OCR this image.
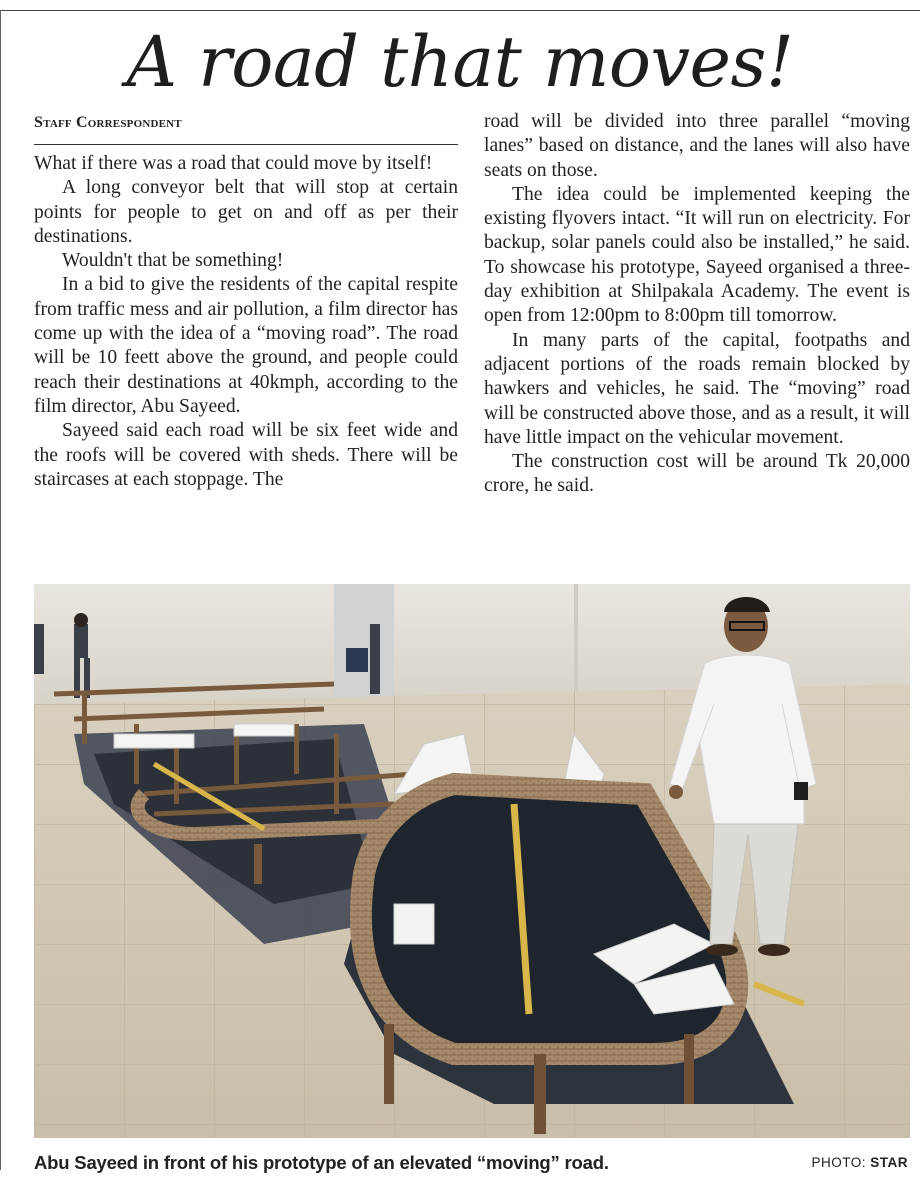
A road that moves!
Staff Correspondent

What if there was a road that could move by itself!

A long conveyor belt that will stop at certain points for people to get on and off as per their destinations.

Wouldn't that be something!

In a bid to give the residents of the capital respite from traffic mess and air pollution, a film director has come up with the idea of a “moving road”. The road will be 10 feett above the ground, and people could reach their destinations at 40kmph, according to the film director, Abu Sayeed.

Sayeed said each road will be six feet wide and the roofs will be covered with sheds. There will be staircases at each stoppage. The

road will be divided into three parallel “moving lanes” based on distance, and the lanes will also have seats on those.

The idea could be implemented keeping the existing flyovers intact. “It will run on electricity. For backup, solar panels could also be installed,” he said. To showcase his prototype, Sayeed organised a three-day exhibition at Shilpakala Academy. The event is open from 12:00pm to 8:00pm till tomorrow.

In many parts of the capital, footpaths and adjacent portions of the roads remain blocked by hawkers and vehicles, he said. The “moving” road will be constructed above those, and as a result, it will have little impact on the vehicular movement.

The construction cost will be around Tk 20,000 crore, he said.

Abu Sayeed in front of his prototype of an elevated “moving” road.	PHOTO: STAR
